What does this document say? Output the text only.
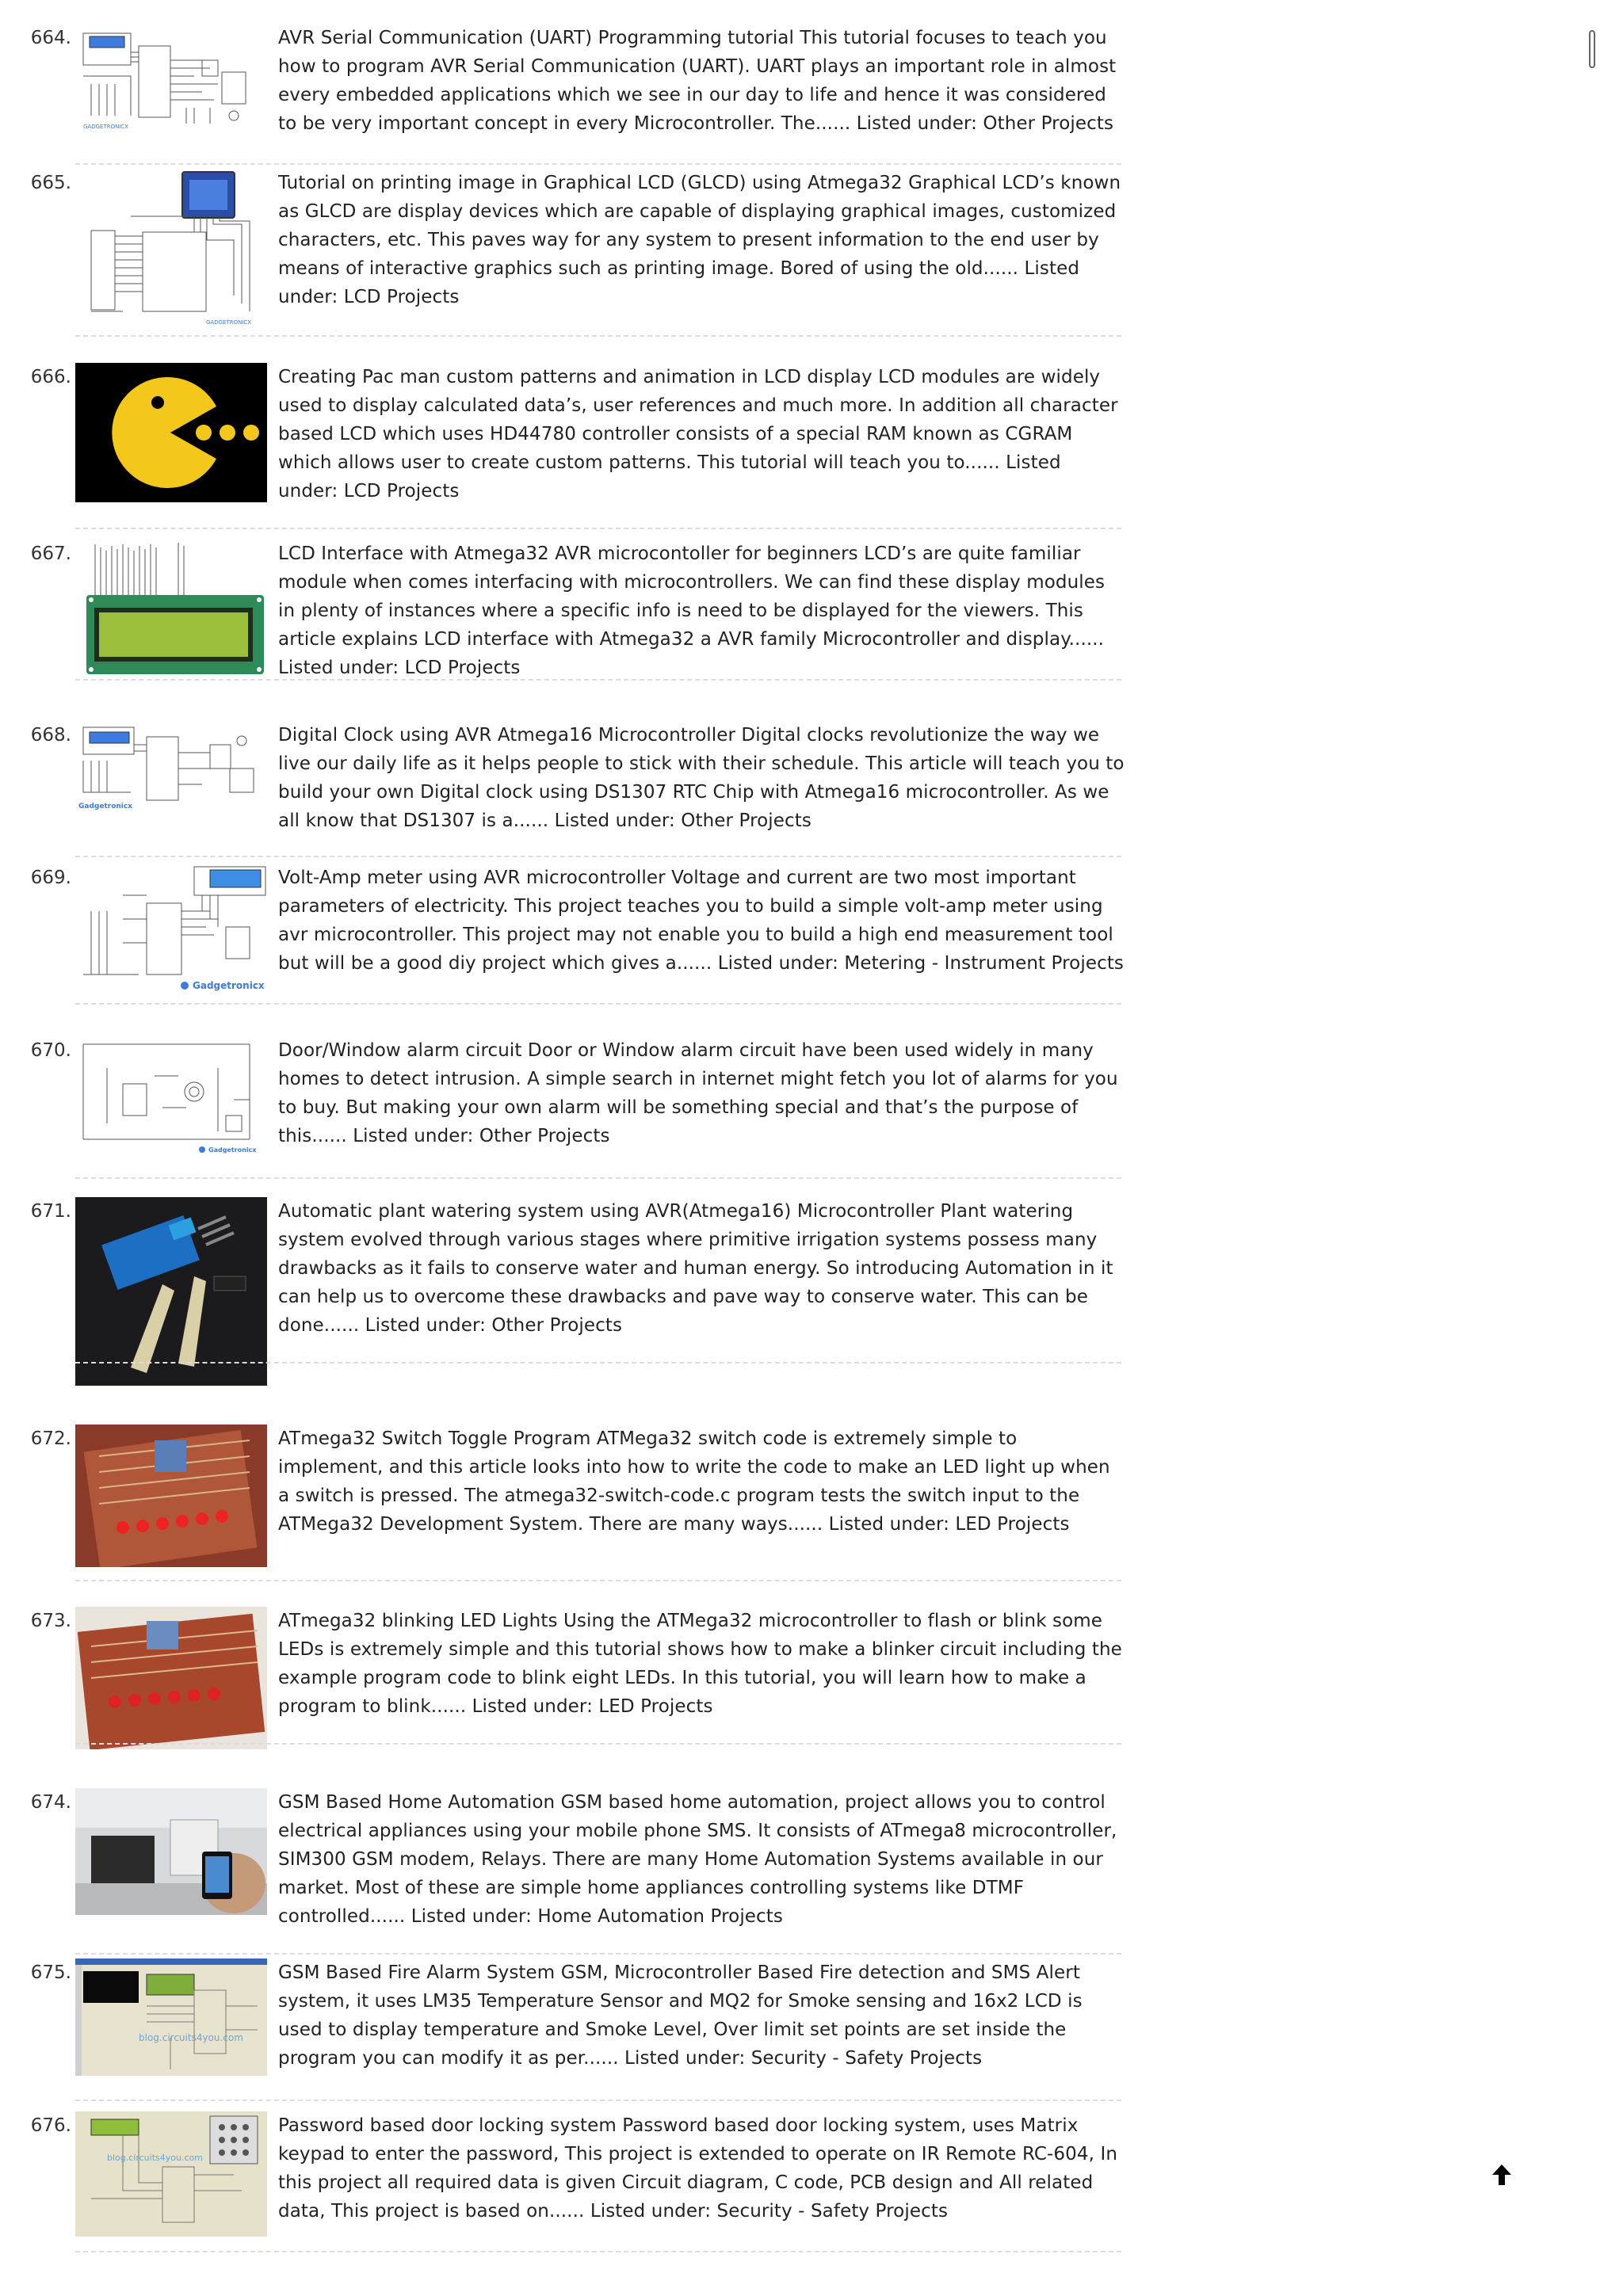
664.
GADGETRONICX

AVR Serial Communication (UART) Programming tutorial This tutorial focuses to teach you how to program AVR Serial Communication (UART). UART plays an important role in almost every embedded applications which we see in our day to life and hence it was considered to be very important concept in every Microcontroller. The...... Listed under: Other Projects

665.
GADGETRONICX

Tutorial on printing image in Graphical LCD (GLCD) using Atmega32 Graphical LCD’s known as GLCD are display devices which are capable of displaying graphical images, customized characters, etc. This paves way for any system to present information to the end user by means of interactive graphics such as printing image. Bored of using the old...... Listed under: LCD Projects

666.	Creating Pac man custom patterns and animation in LCD display LCD modules are widely used to display calculated data’s, user references and much more. In addition all character based LCD which uses HD44780 controller consists of a special RAM known as CGRAM which allows user to create custom patterns. This tutorial will teach you to...... Listed under: LCD Projects

667.	LCD Interface with Atmega32 AVR microcontoller for beginners LCD’s are quite familiar module when comes interfacing with microcontrollers. We can find these display modules in plenty of instances where a specific info is need to be displayed for the viewers. This article explains LCD interface with Atmega32 a AVR family Microcontroller and display...... Listed under: LCD Projects

668.
Gadgetronicx

Digital Clock using AVR Atmega16 Microcontroller Digital clocks revolutionize the way we live our daily life as it helps people to stick with their schedule. This article will teach you to build your own Digital clock using DS1307 RTC Chip with Atmega16 microcontroller. As we all know that DS1307 is a...... Listed under: Other Projects

669.
Gadgetronicx

Volt-Amp meter using AVR microcontroller Voltage and current are two most important parameters of electricity. This project teaches you to build a simple volt-amp meter using avr microcontroller. This project may not enable you to build a high end measurement tool but will be a good diy project which gives a...... Listed under: Metering - Instrument Projects

670.
Gadgetronicx

Door/Window alarm circuit Door or Window alarm circuit have been used widely in many homes to detect intrusion. A simple search in internet might fetch you lot of alarms for you to buy. But making your own alarm will be something special and that’s the purpose of this...... Listed under: Other Projects

671.	Automatic plant watering system using AVR(Atmega16) Microcontroller Plant watering system evolved through various stages where primitive irrigation systems possess many drawbacks as it fails to conserve water and human energy. So introducing Automation in it can help us to overcome these drawbacks and pave way to conserve water. This can be done...... Listed under: Other Projects

672.	ATmega32 Switch Toggle Program ATMega32 switch code is extremely simple to implement, and this article looks into how to write the code to make an LED light up when a switch is pressed. The atmega32-switch-code.c program tests the switch input to the ATMega32 Development System. There are many ways...... Listed under: LED Projects

673.	ATmega32 blinking LED Lights Using the ATMega32 microcontroller to flash or blink some LEDs is extremely simple and this tutorial shows how to make a blinker circuit including the example program code to blink eight LEDs. In this tutorial, you will learn how to make a program to blink...... Listed under: LED Projects

674.	GSM Based Home Automation GSM based home automation, project allows you to control electrical appliances using your mobile phone SMS. It consists of ATmega8 microcontroller, SIM300 GSM modem, Relays. There are many Home Automation Systems available in our market. Most of these are simple home appliances controlling systems like DTMF controlled...... Listed under: Home Automation Projects

675.
blog.circuits4you.com

GSM Based Fire Alarm System GSM, Microcontroller Based Fire detection and SMS Alert system, it uses LM35 Temperature Sensor and MQ2 for Smoke sensing and 16x2 LCD is used to display temperature and Smoke Level, Over limit set points are set inside the program you can modify it as per...... Listed under: Security - Safety Projects

676.
blog.circuits4you.com

Password based door locking system Password based door locking system, uses Matrix keypad to enter the password, This project is extended to operate on IR Remote RC-604, In this project all required data is given Circuit diagram, C code, PCB design and All related data, This project is based on...... Listed under: Security - Safety Projects
